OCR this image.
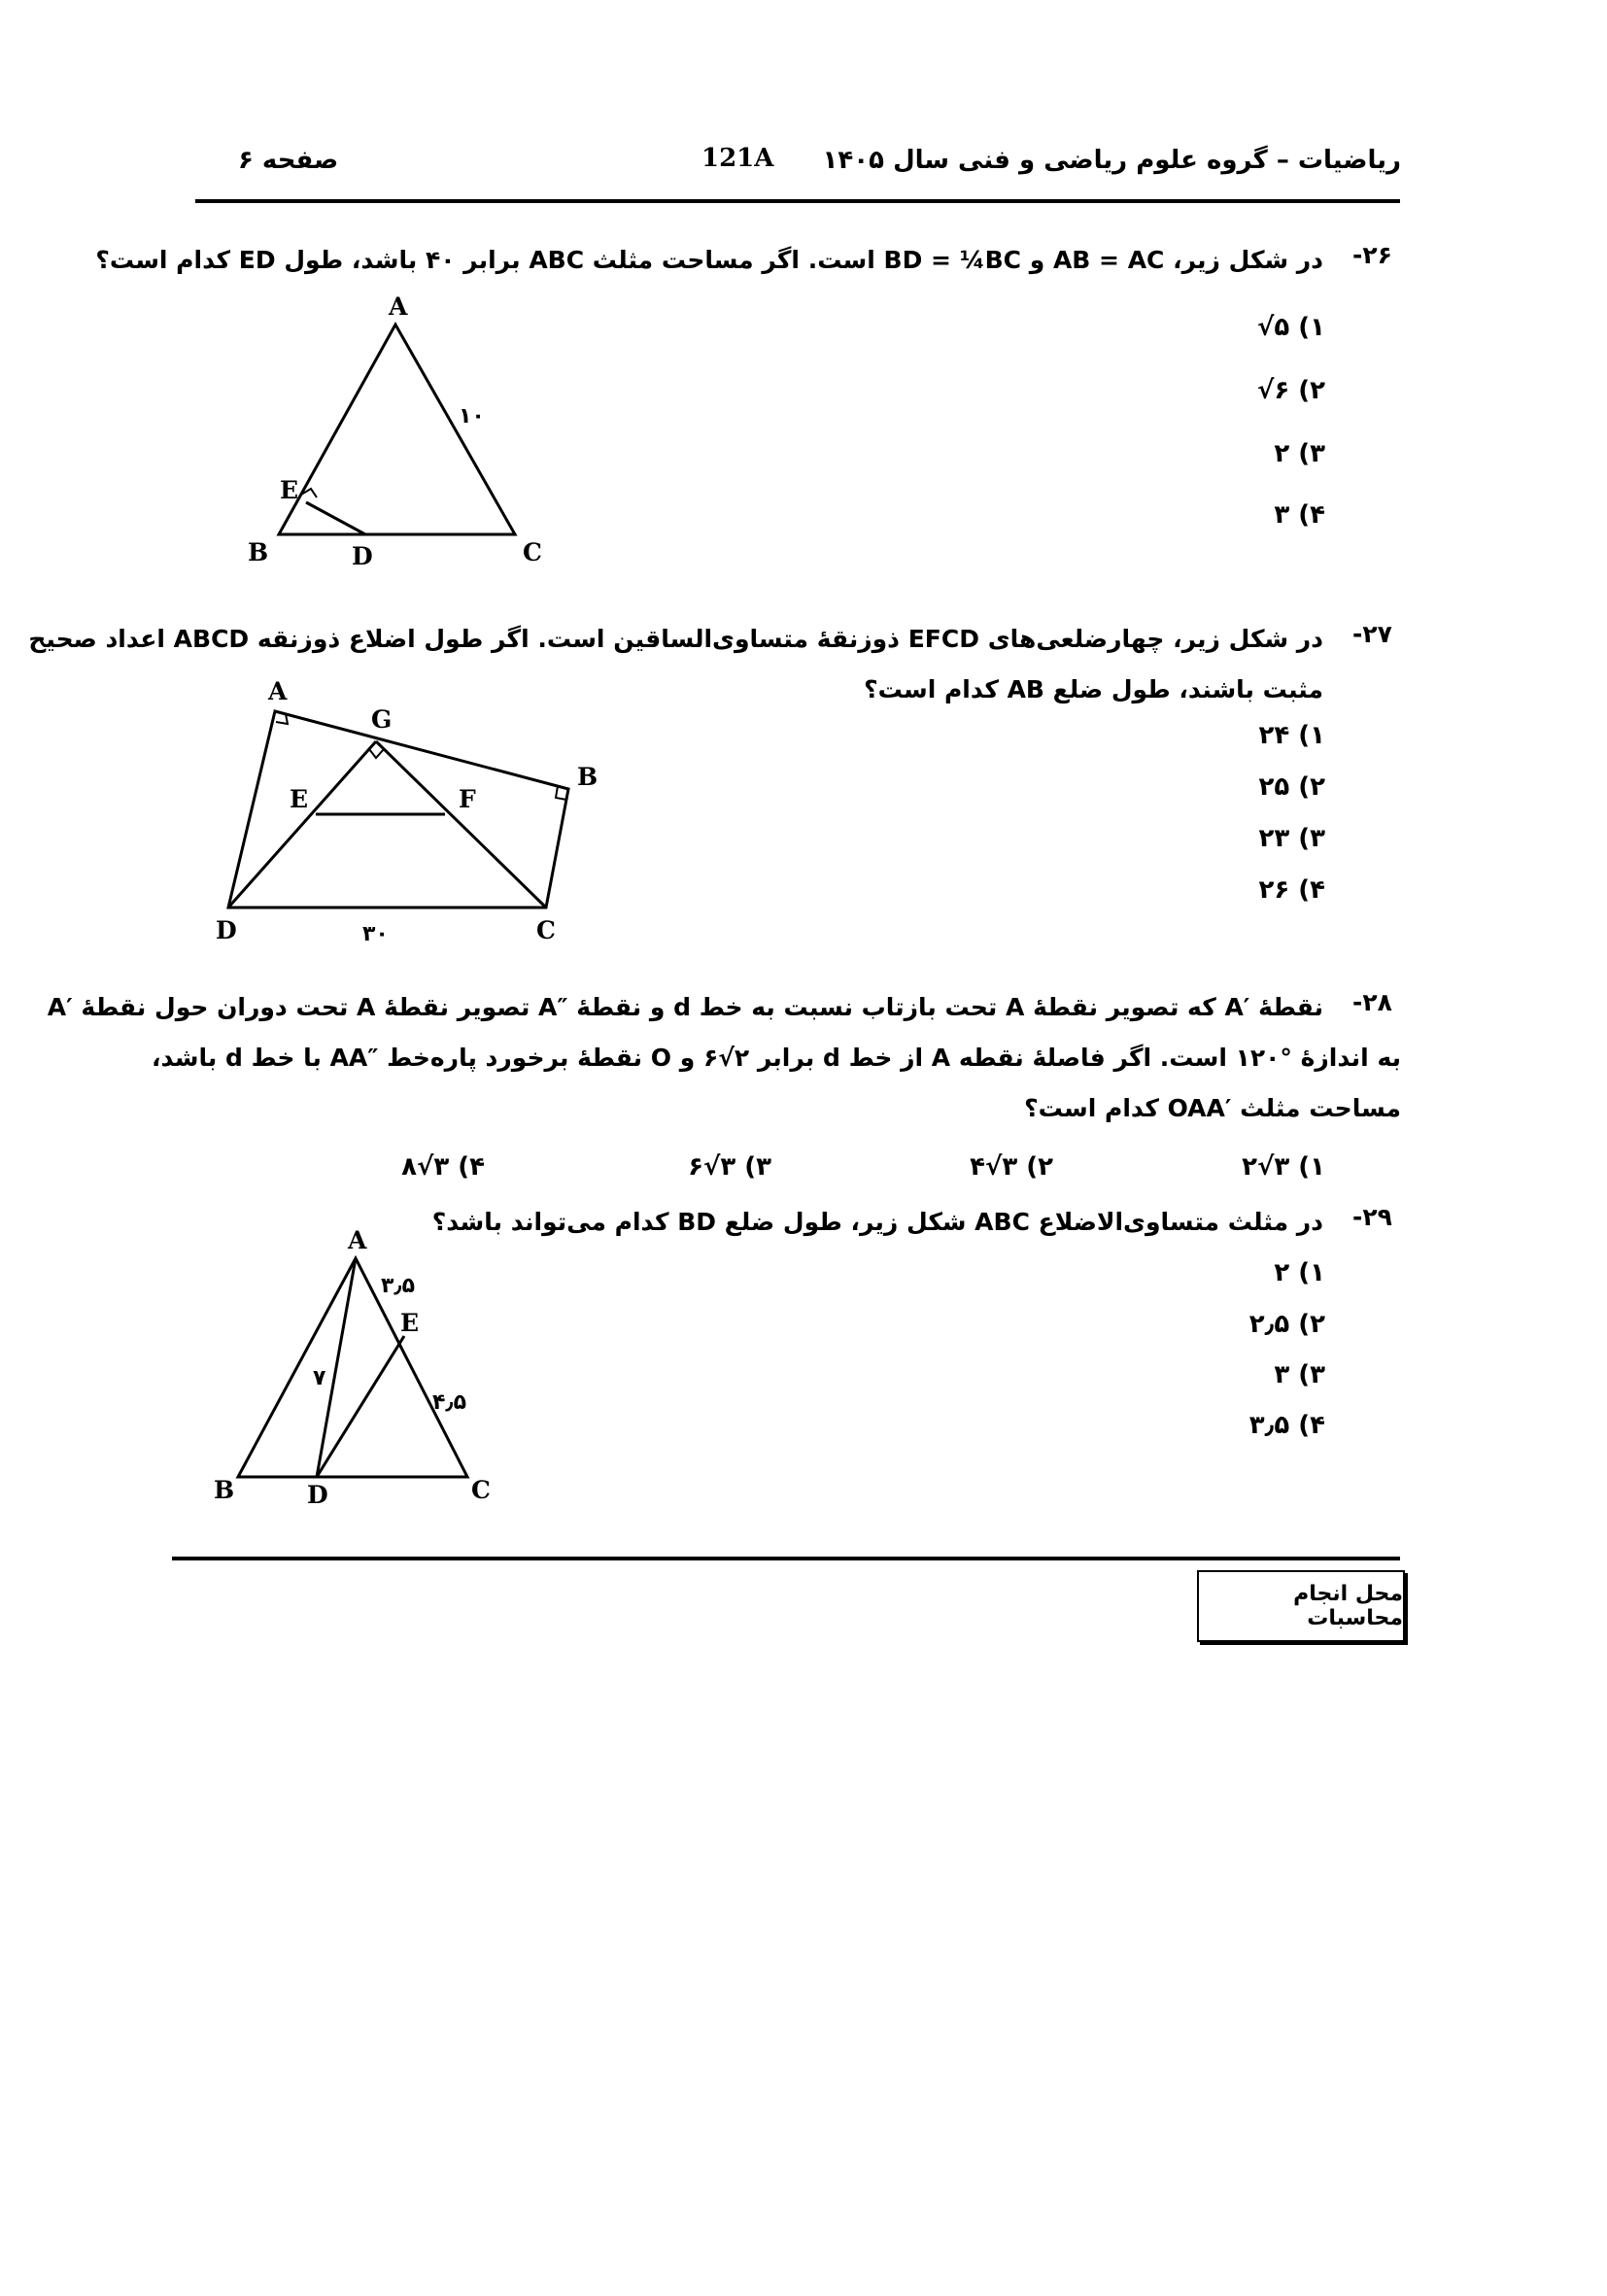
ریاضیات – گروه علوم ریاضی و فنی سال ۱۴۰۵
121A
صفحه ۶
-۲۶
در شکل زیر، AB = AC و BD = ¼BC است. اگر مساحت مثلث ABC برابر ۴۰ باشد، طول ED کدام است؟
√۵ (۱
√۶ (۲
۲ (۳
۳ (۴
A
B	C
D
E
۱۰
-۲۷
در شکل زیر، چهارضلعی‌های EFCD ذوزنقهٔ متساوی‌الساقین است. اگر طول اضلاع ذوزنقه ABCD اعداد صحیح
مثبت باشند، طول ضلع AB کدام است؟
۲۴ (۱
۲۵ (۲
۲۳ (۳
۲۶ (۴
A
B
C
D
E	F
G
۳۰
-۲۸
نقطهٔ ′A که تصویر نقطهٔ A تحت بازتاب نسبت به خط d و نقطهٔ ″A تصویر نقطهٔ A تحت دوران حول نقطهٔ ′A
به اندازهٔ °۱۲۰ است. اگر فاصلهٔ نقطه A از خط d برابر ۲√۶ و O نقطهٔ برخورد پاره‌خط ″AA با خط d باشد،
مساحت مثلث ′OAA کدام است؟
۲√۳ (۱
۴√۳ (۲
۶√۳ (۳
۸√۳ (۴
-۲۹
در مثلث متساوی‌الاضلاع ABC شکل زیر، طول ضلع BD کدام می‌تواند باشد؟
۲ (۱
۲٫۵ (۲
۳ (۳
۳٫۵ (۴
A
B	C
D
E
۳٫۵
۷
۴٫۵
محل انجام محاسبات
